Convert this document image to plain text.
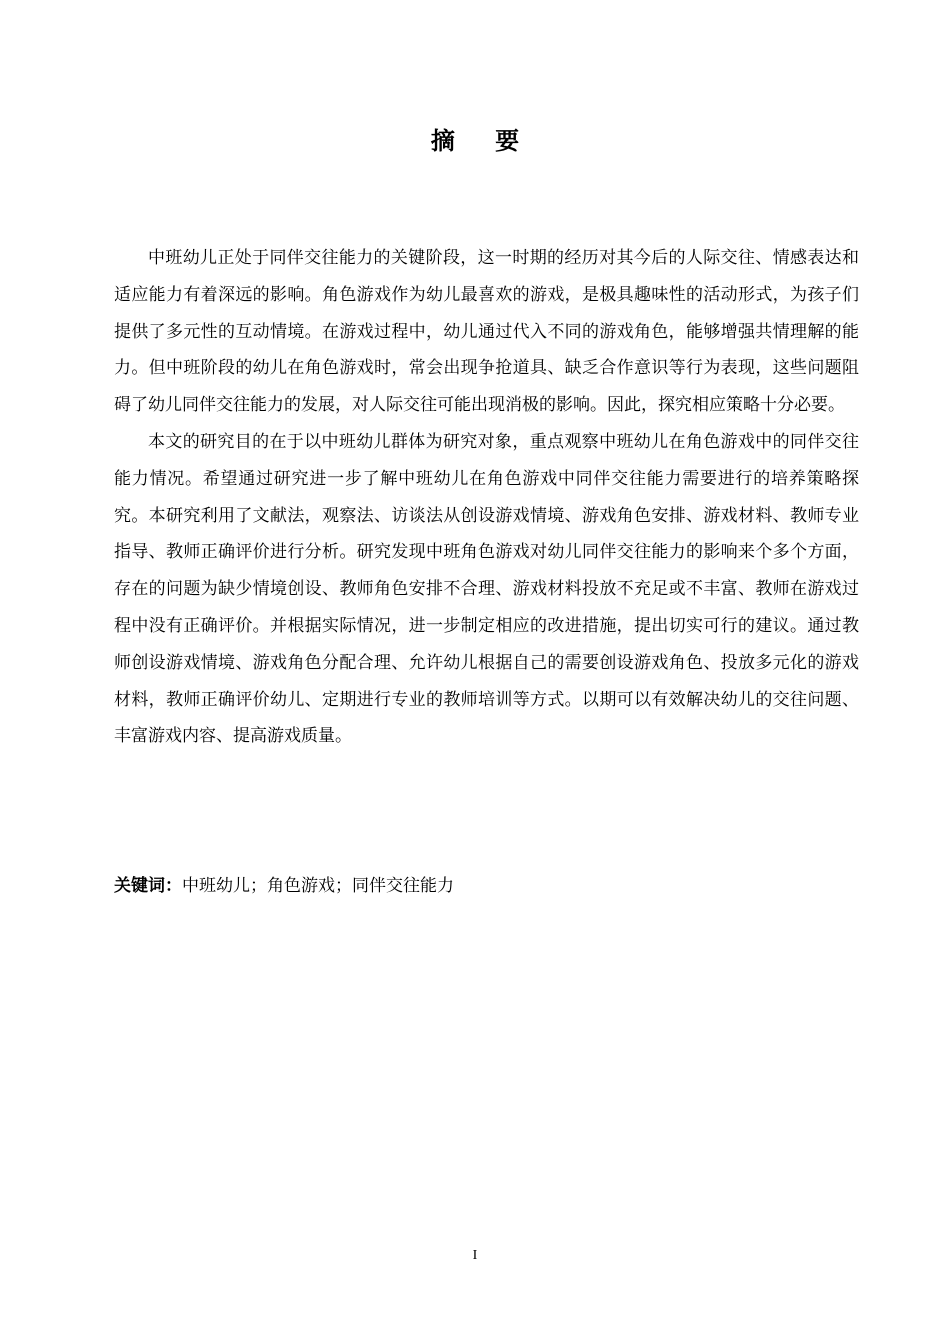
摘 要

中班幼儿正处于同伴交往能力的关键阶段，这一时期的经历对其今后的人际交往、情感表达和适应能力有着深远的影响。角色游戏作为幼儿最喜欢的游戏，是极具趣味性的活动形式，为孩子们提供了多元性的互动情境。在游戏过程中，幼儿通过代入不同的游戏角色，能够增强共情理解的能力。但中班阶段的幼儿在角色游戏时，常会出现争抢道具、缺乏合作意识等行为表现，这些问题阻碍了幼儿同伴交往能力的发展，对人际交往可能出现消极的影响。因此，探究相应策略十分必要。

本文的研究目的在于以中班幼儿群体为研究对象，重点观察中班幼儿在角色游戏中的同伴交往能力情况。希望通过研究进一步了解中班幼儿在角色游戏中同伴交往能力需要进行的培养策略探究。本研究利用了文献法，观察法、访谈法从创设游戏情境、游戏角色安排、游戏材料、教师专业指导、教师正确评价进行分析。研究发现中班角色游戏对幼儿同伴交往能力的影响来个多个方面，存在的问题为缺少情境创设、教师角色安排不合理、游戏材料投放不充足或不丰富、教师在游戏过程中没有正确评价。并根据实际情况，进一步制定相应的改进措施，提出切实可行的建议。通过教师创设游戏情境、游戏角色分配合理、允许幼儿根据自己的需要创设游戏角色、投放多元化的游戏材料，教师正确评价幼儿、定期进行专业的教师培训等方式。以期可以有效解决幼儿的交往问题、丰富游戏内容、提高游戏质量。

关键词：中班幼儿；角色游戏；同伴交往能力
I
